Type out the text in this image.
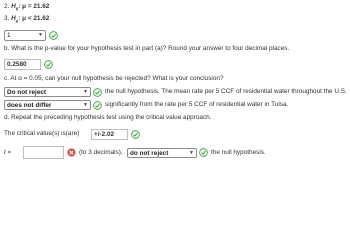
2. $H_0$: μ = 21.62
3. $H_a$: μ < 21.62
1	▼
b. What is the p-value for your hypothesis test in part (a)? Round your answer to four decimal places.
0.2580
c. At α = 0.05, can your null hypothesis be rejected? What is your conclusion?
Do not reject	▼	the null hypothesis. The mean rate per 5 CCF of residential water throughout the U.S.
does not differ	▼	significantly from the rate per 5 CCF of residential water in Tulsa.
d. Repeat the preceding hypothesis test using the critical value approach.
The critical value(s) is(are)	+/-2.02
t =	(to 3 decimals),	do not reject	▼	the null hypothesis.
